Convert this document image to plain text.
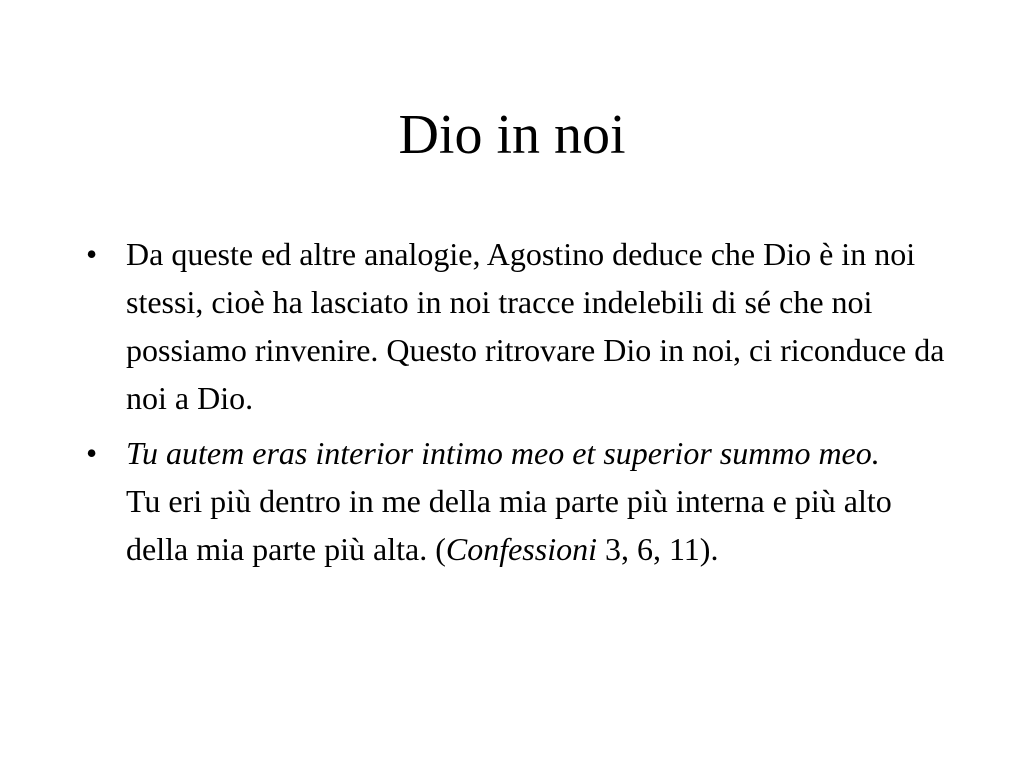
Dio in noi
• Da queste ed altre analogie, Agostino deduce che Dio è in noi stessi, cioè ha lasciato in noi tracce indelebili di sé che noi possiamo rinvenire. Questo ritrovare Dio in noi, ci riconduce da noi a Dio.
• Tu autem eras interior intimo meo et superior summo meo.
Tu eri più dentro in me della mia parte più interna e più alto della mia parte più alta. (Confessioni 3, 6, 11).
